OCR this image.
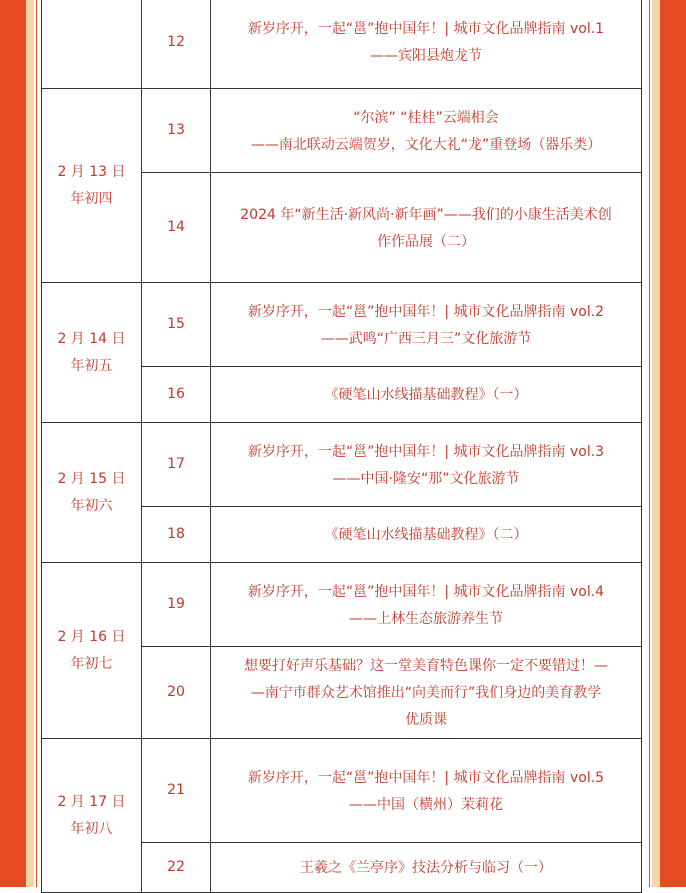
	12	新岁序开，一起“邕”抱中国年！| 城市文化品牌指南 vol.1
——宾阳县炮龙节

2 月 13 日
年初四	13	“尔滨” “桂桂”云端相会
——南北联动云端贺岁，文化大礼“龙”重登场（器乐类）

	14	2024 年“新生活·新风尚·新年画”——我们的小康生活美术创
作作品展（二）

2 月 14 日
年初五	15	新岁序开，一起“邕”抱中国年！| 城市文化品牌指南 vol.2
——武鸣“广西三月三”文化旅游节

	16	《硬笔山水线描基础教程》（一）

2 月 15 日
年初六	17	新岁序开，一起“邕”抱中国年！| 城市文化品牌指南 vol.3
——中国·隆安“那”文化旅游节

	18	《硬笔山水线描基础教程》（二）

2 月 16 日
年初七	19	新岁序开，一起“邕”抱中国年！| 城市文化品牌指南 vol.4
——上林生态旅游养生节

	20	想要打好声乐基础？这一堂美育特色课你一定不要错过！—
—南宁市群众艺术馆推出“向美而行”我们身边的美育教学
优质课

2 月 17 日
年初八	21	新岁序开，一起“邕”抱中国年！| 城市文化品牌指南 vol.5
——中国（横州）茉莉花

	22	王羲之《兰亭序》技法分析与临习（一）
